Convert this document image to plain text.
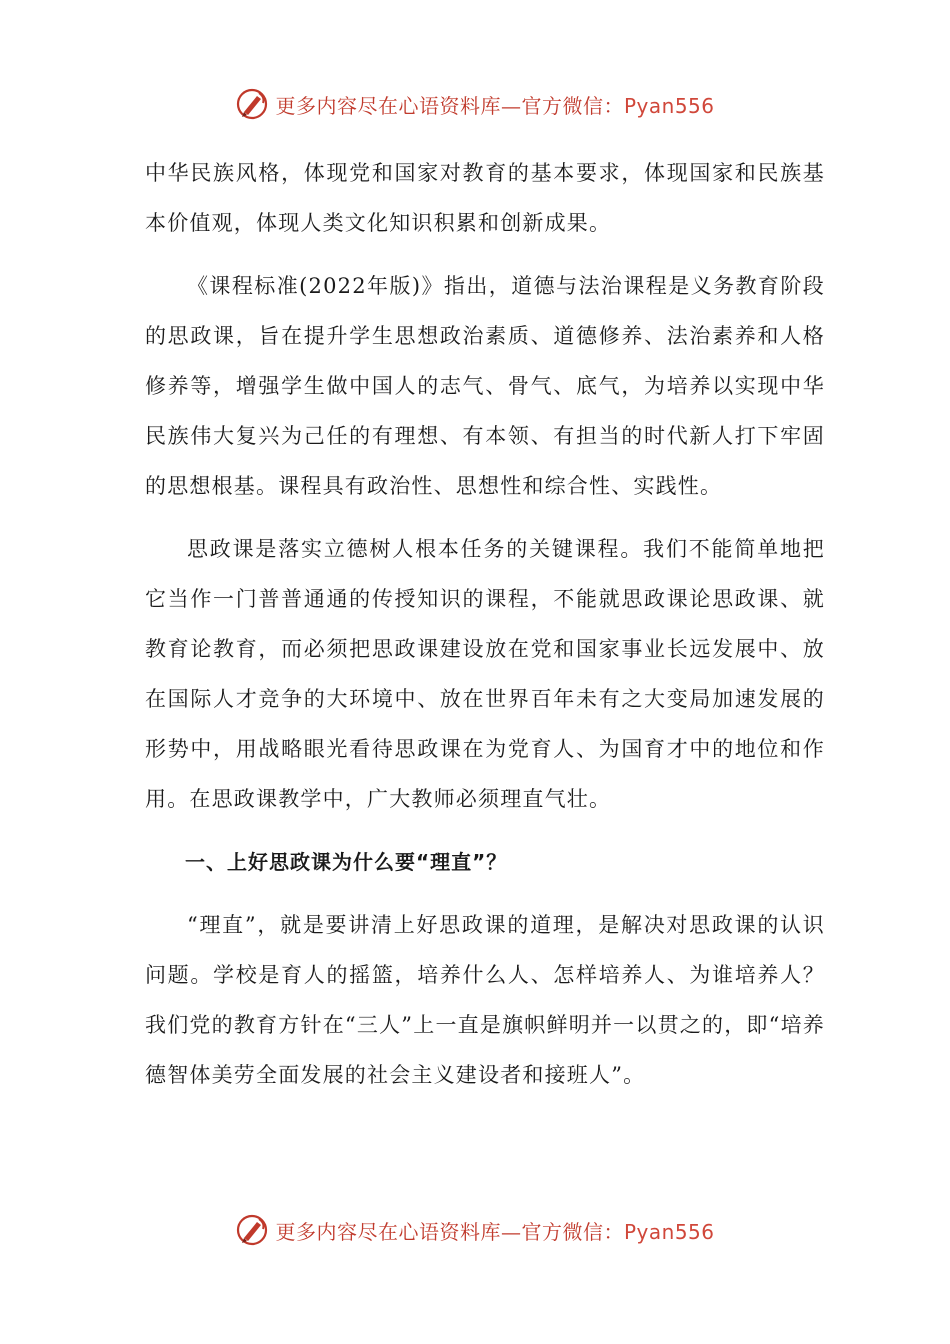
更多内容尽在心语资料库—官方微信：Pyan556

中华民族风格，体现党和国家对教育的基本要求，体现国家和民族基本价值观，体现人类文化知识积累和创新成果。

《课程标准(2022年版)》指出，道德与法治课程是义务教育阶段的思政课，旨在提升学生思想政治素质、道德修养、法治素养和人格修养等，增强学生做中国人的志气、骨气、底气，为培养以实现中华民族伟大复兴为己任的有理想、有本领、有担当的时代新人打下牢固的思想根基。课程具有政治性、思想性和综合性、实践性。

思政课是落实立德树人根本任务的关键课程。我们不能简单地把它当作一门普普通通的传授知识的课程，不能就思政课论思政课、就教育论教育，而必须把思政课建设放在党和国家事业长远发展中、放在国际人才竞争的大环境中、放在世界百年未有之大变局加速发展的形势中，用战略眼光看待思政课在为党育人、为国育才中的地位和作用。在思政课教学中，广大教师必须理直气壮。

一、上好思政课为什么要“理直”？

“理直”，就是要讲清上好思政课的道理，是解决对思政课的认识问题。学校是育人的摇篮，培养什么人、怎样培养人、为谁培养人？我们党的教育方针在“三人”上一直是旗帜鲜明并一以贯之的，即“培养德智体美劳全面发展的社会主义建设者和接班人”。

更多内容尽在心语资料库—官方微信：Pyan556
